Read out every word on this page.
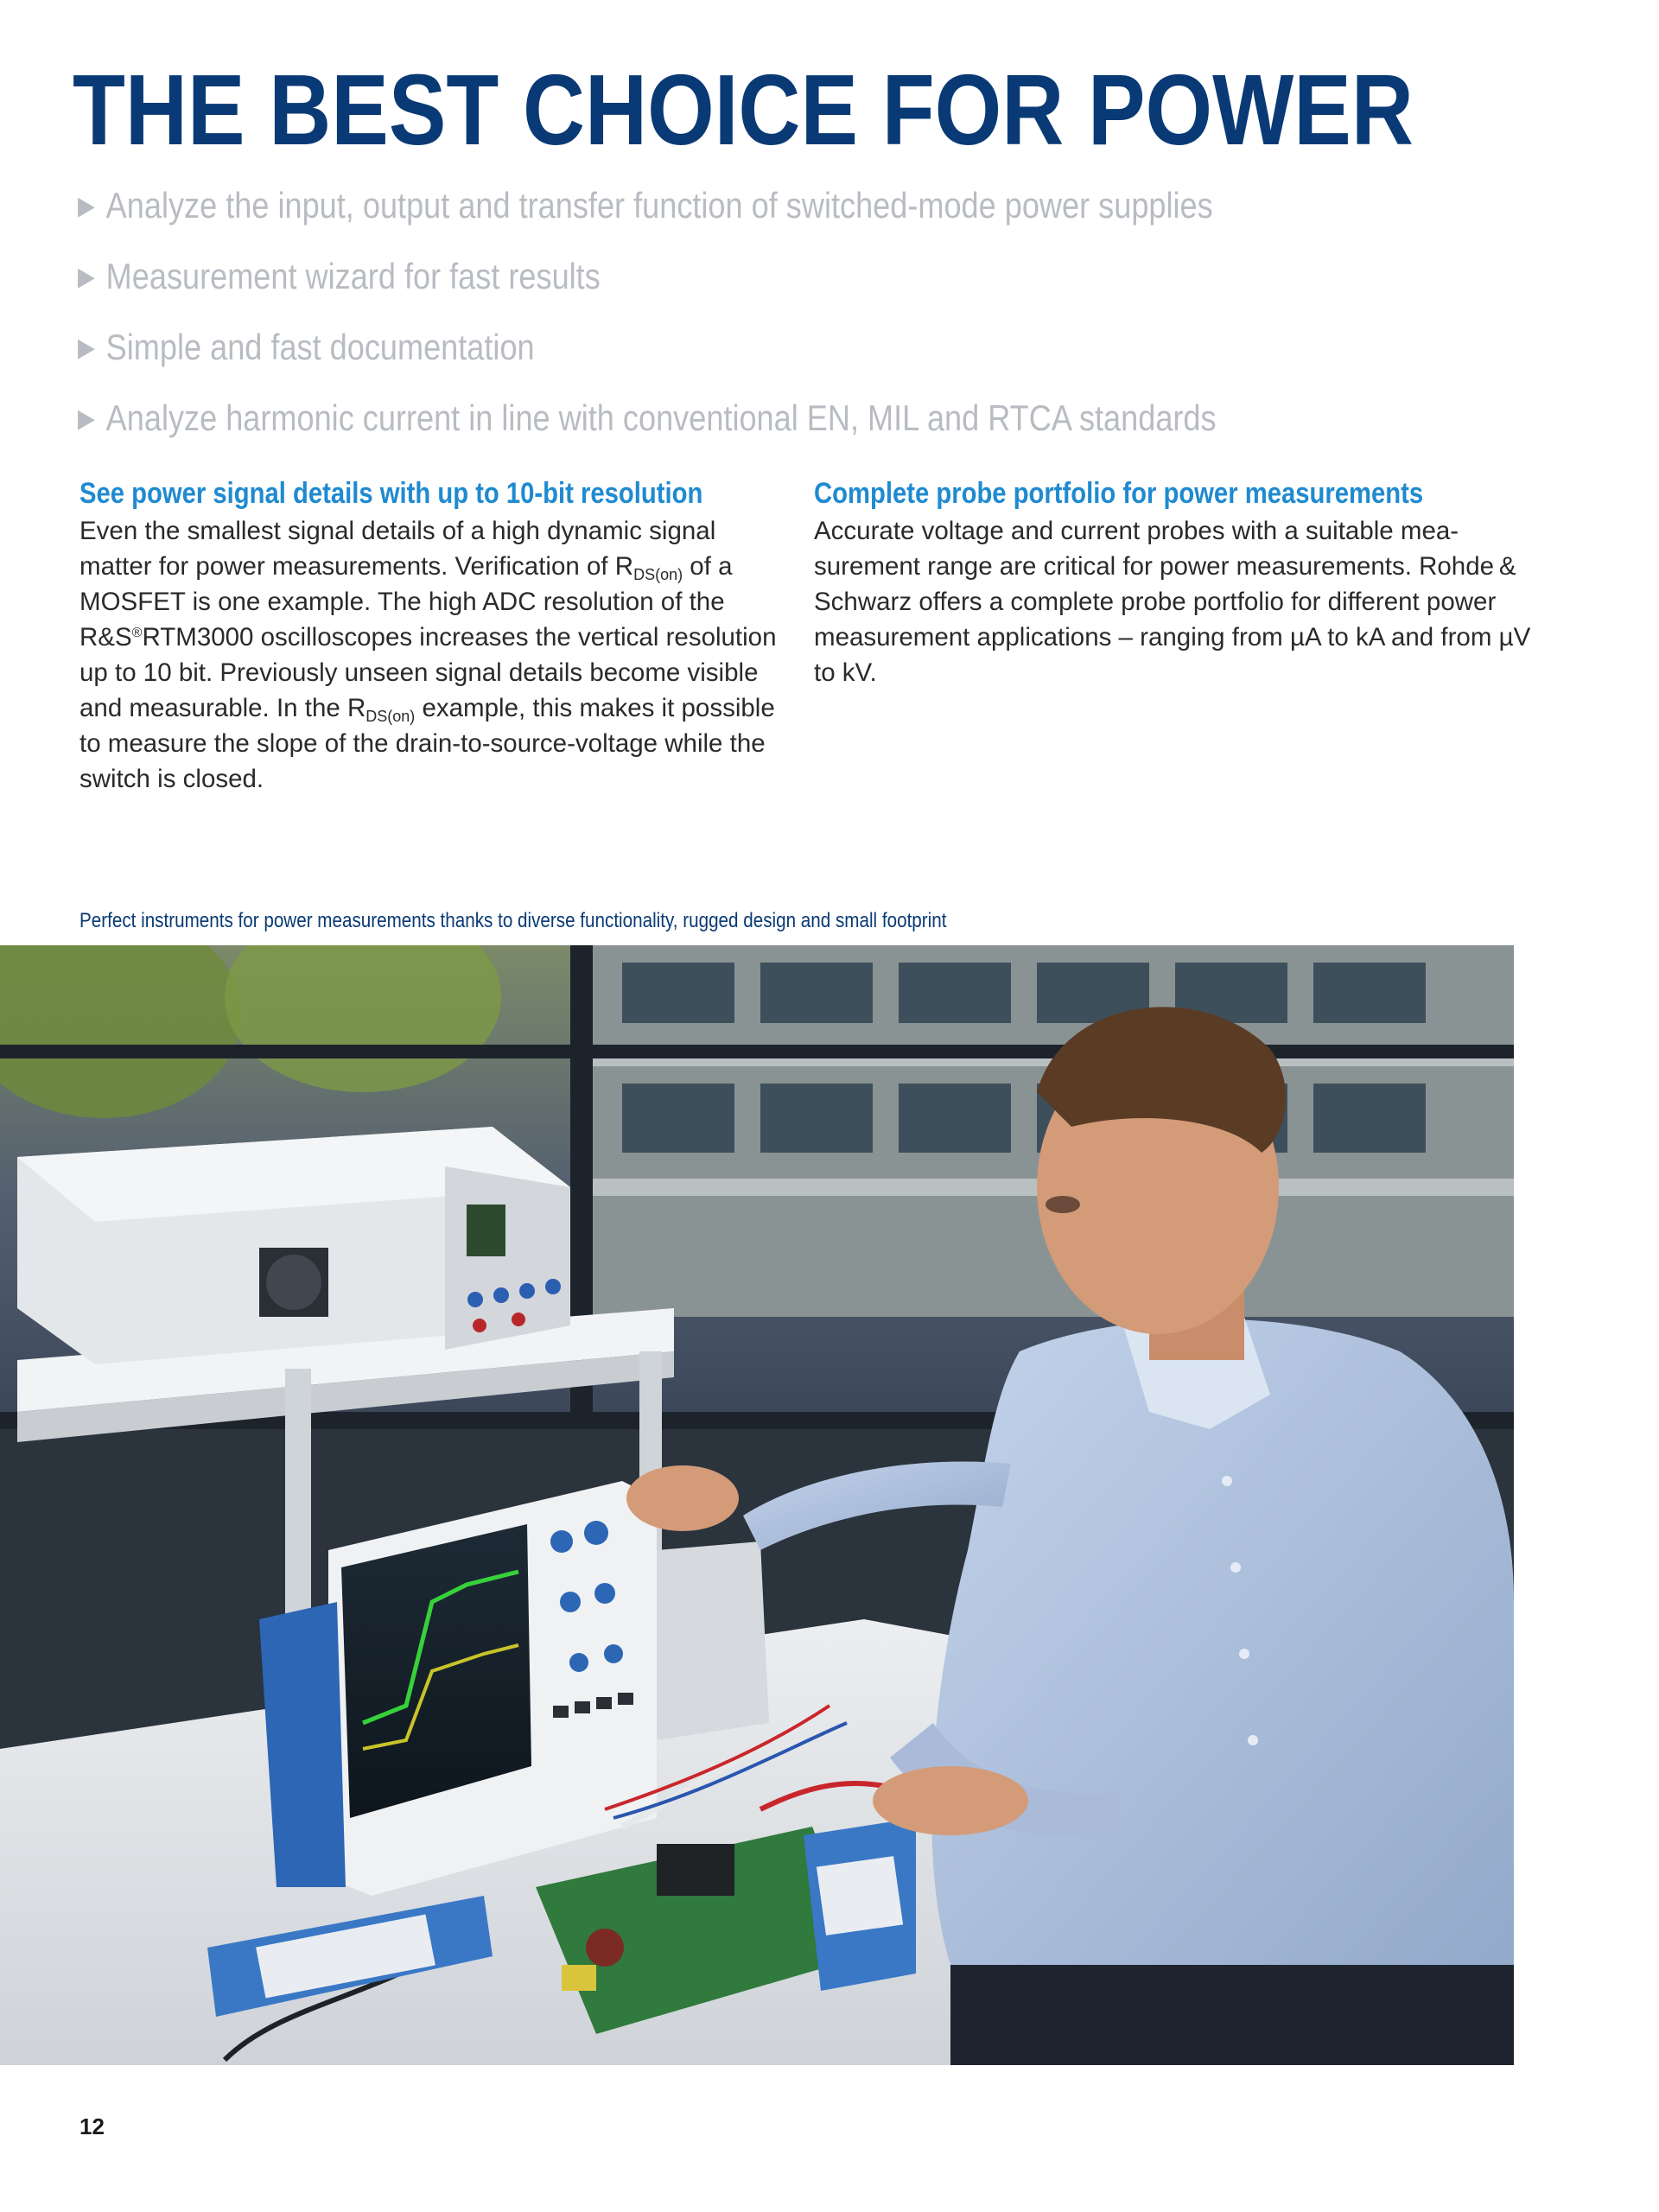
THE BEST CHOICE FOR POWER
▶ Analyze the input, output and transfer function of switched-mode power supplies
▶ Measurement wizard for fast results
▶ Simple and fast documentation
▶ Analyze harmonic current in line with conventional EN, MIL and RTCA standards
See power signal details with up to 10-bit resolution

Even the smallest signal details of a high dynamic signal matter for power measurements. Verification of $R_{DS(on)}$ of a MOSFET is one example. The high ADC resolution of the R&S®RTM3000 oscilloscopes increases the vertical resolution up to 10 bit. Previously unseen signal details become visible and measurable. In the $R_{DS(on)}$ example, this makes it possible to measure the slope of the drain-to-source-voltage while the switch is closed.

Complete probe portfolio for power measurements

Accurate voltage and current probes with a suitable measurement range are critical for power measurements. Rohde & Schwarz offers a complete probe portfolio for different power measurement applications – ranging from µA to kA and from µV to kV.

Perfect instruments for power measurements thanks to diverse functionality, rugged design and small footprint

12
